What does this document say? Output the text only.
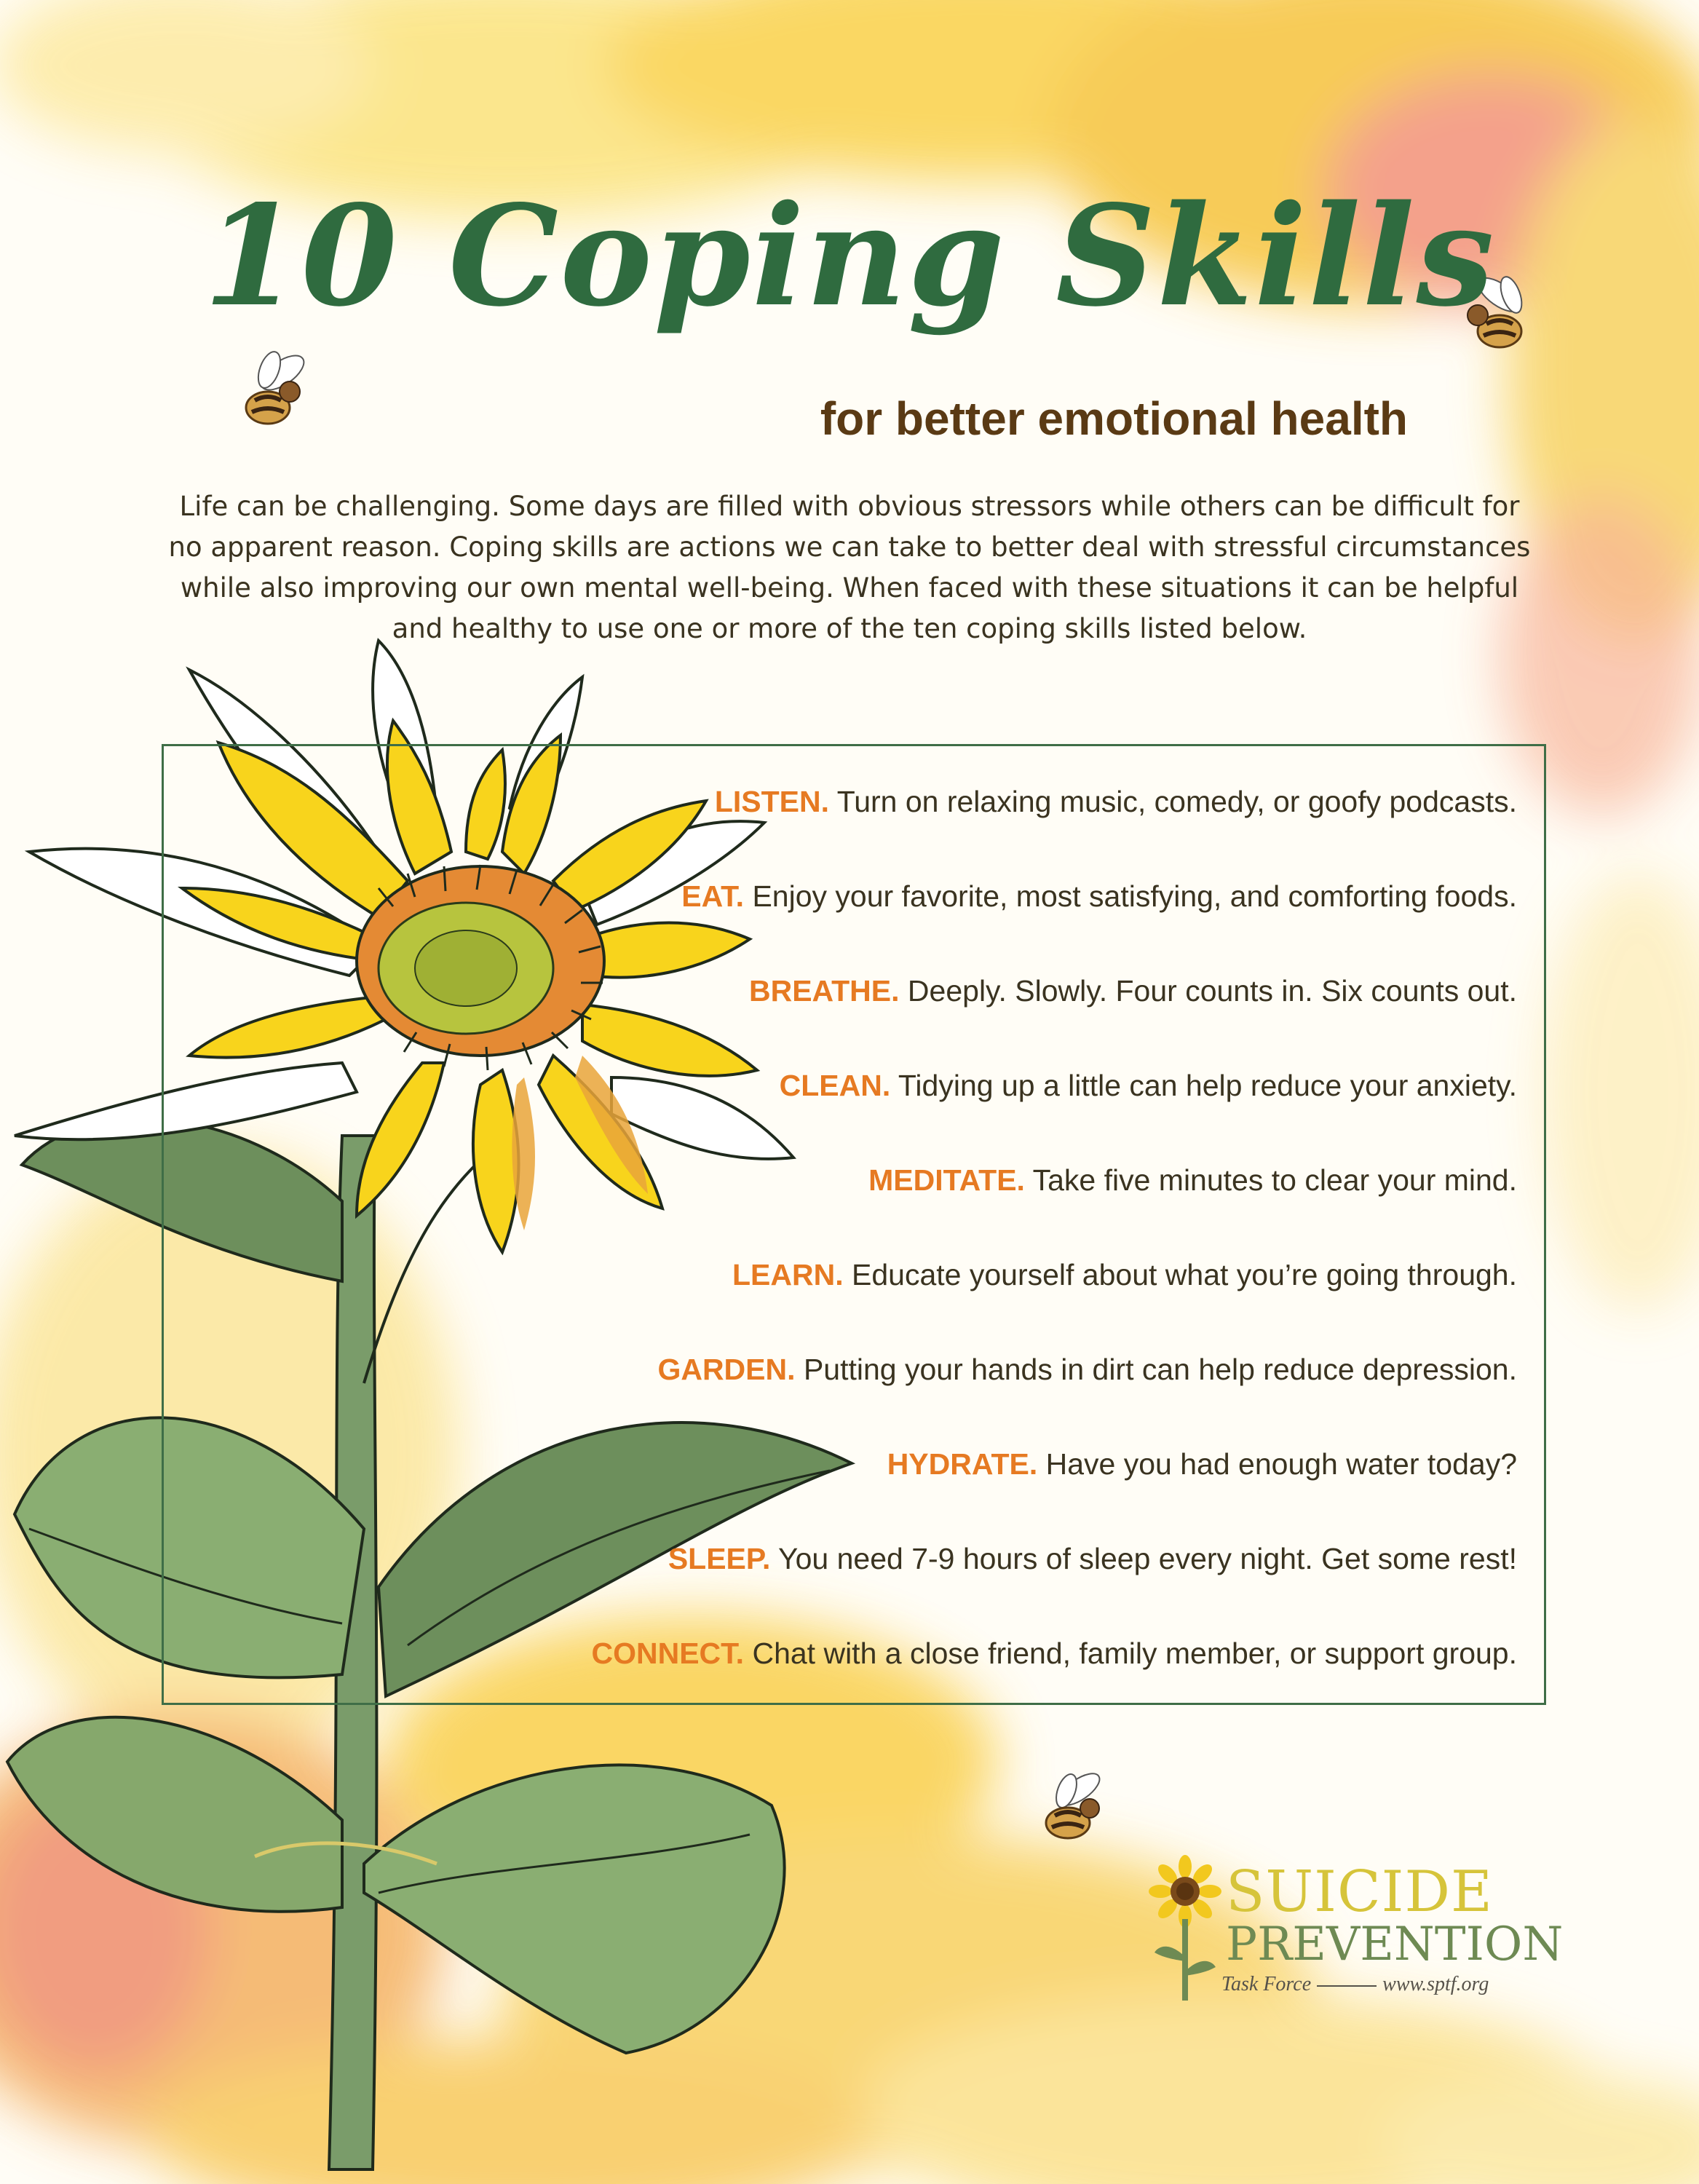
10 Coping Skills
for better emotional health

Life can be challenging. Some days are filled with obvious stressors while others can be difficult for no apparent reason. Coping skills are actions we can take to better deal with stressful circumstances while also improving our own mental well-being. When faced with these situations it can be helpful and healthy to use one or more of the ten coping skills listed below.

LISTEN. Turn on relaxing music, comedy, or goofy podcasts.
EAT. Enjoy your favorite, most satisfying, and comforting foods.
BREATHE. Deeply. Slowly. Four counts in. Six counts out.
CLEAN. Tidying up a little can help reduce your anxiety.
MEDITATE. Take five minutes to clear your mind.
LEARN. Educate yourself about what you’re going through.
GARDEN. Putting your hands in dirt can help reduce depression.
HYDRATE. Have you had enough water today?
SLEEP. You need 7-9 hours of sleep every night. Get some rest!
CONNECT. Chat with a close friend, family member, or support group.
SUICIDE
PREVENTION
Task Force	www.sptf.org
